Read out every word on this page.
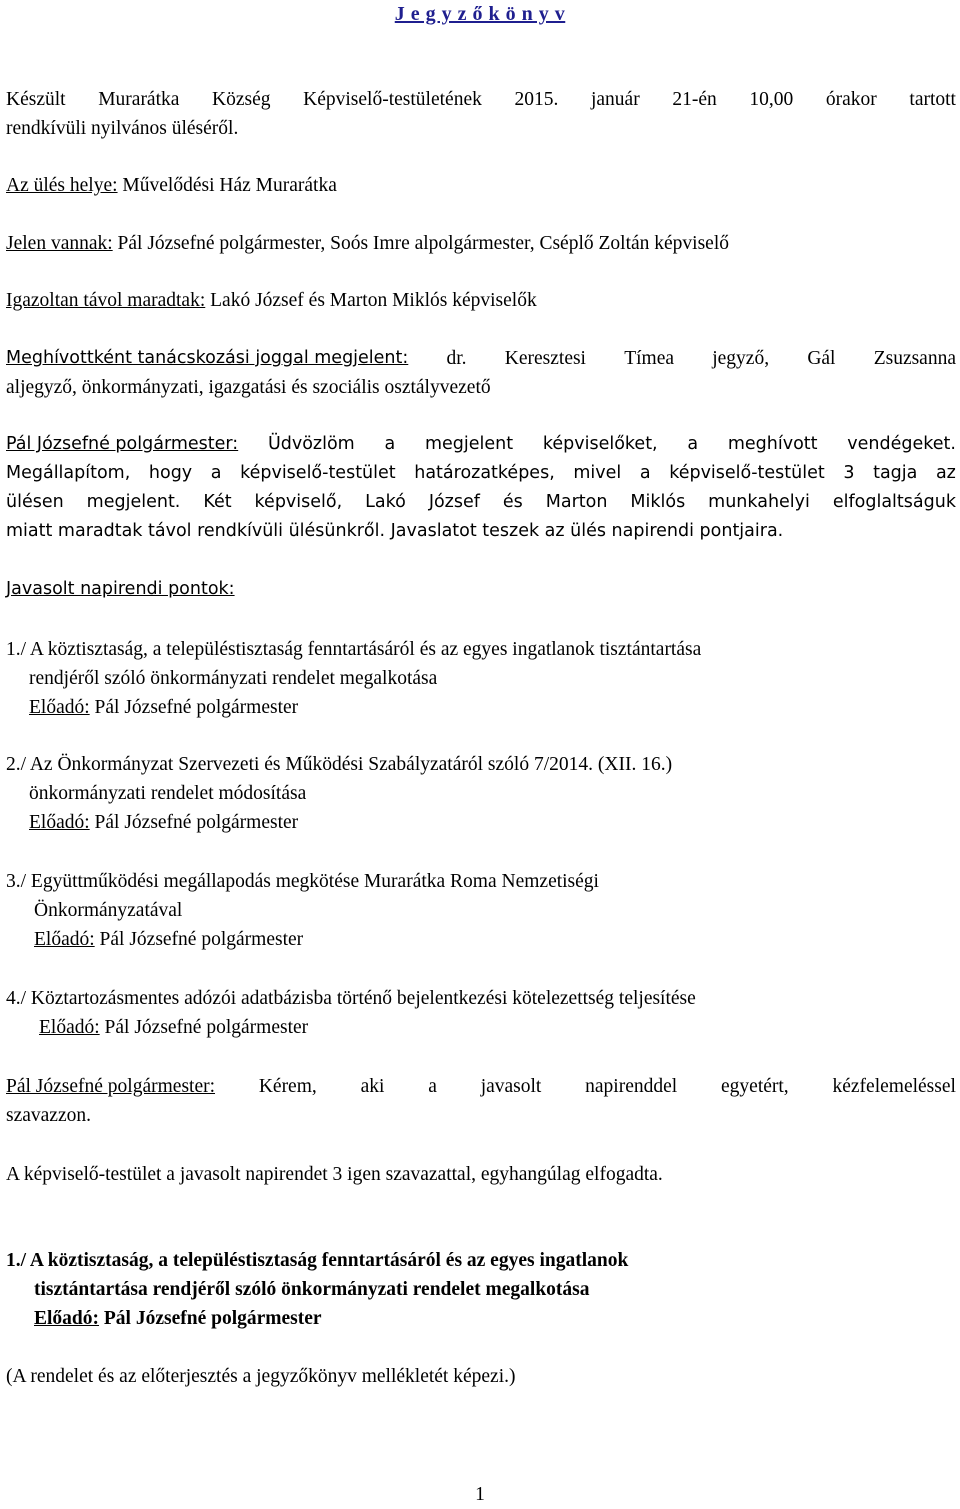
J e g y z ő k ö n y v
Készült Murarátka Község Képviselő-testületének 2015. január 21-én 10,00 órakor tartott
rendkívüli nyilvános üléséről.
Az ülés helye: Művelődési Ház Murarátka
Jelen vannak: Pál Józsefné polgármester, Soós Imre alpolgármester, Cséplő Zoltán képviselő
Igazoltan távol maradtak: Lakó József és Marton Miklós képviselők
Meghívottként tanácskozási joggal megjelent: dr. Keresztesi Tímea jegyző, Gál Zsuzsanna
aljegyző, önkormányzati, igazgatási és szociális osztályvezető
Pál Józsefné polgármester: Üdvözlöm a megjelent képviselőket, a meghívott vendégeket.
Megállapítom, hogy a képviselő-testület határozatképes, mivel a képviselő-testület 3 tagja az
ülésen megjelent. Két képviselő, Lakó József és Marton Miklós munkahelyi elfoglaltságuk
miatt maradtak távol rendkívüli ülésünkről. Javaslatot teszek az ülés napirendi pontjaira.
Javasolt napirendi pontok:
1./ A köztisztaság, a településtisztaság fenntartásáról és az egyes ingatlanok tisztántartása
rendjéről szóló önkormányzati rendelet megalkotása
Előadó: Pál Józsefné polgármester
2./ Az Önkormányzat Szervezeti és Működési Szabályzatáról szóló 7/2014. (XII. 16.)
önkormányzati rendelet módosítása
Előadó: Pál Józsefné polgármester
3./ Együttműködési megállapodás megkötése Murarátka Roma Nemzetiségi
Önkormányzatával
Előadó: Pál Józsefné polgármester
4./ Köztartozásmentes adózói adatbázisba történő bejelentkezési kötelezettség teljesítése
Előadó: Pál Józsefné polgármester
Pál Józsefné polgármester: Kérem, aki a javasolt napirenddel egyetért, kézfelemeléssel
szavazzon.
A képviselő-testület a javasolt napirendet 3 igen szavazattal, egyhangúlag elfogadta.
1./ A köztisztaság, a településtisztaság fenntartásáról és az egyes ingatlanok
tisztántartása rendjéről szóló önkormányzati rendelet megalkotása
Előadó: Pál Józsefné polgármester
(A rendelet és az előterjesztés a jegyzőkönyv mellékletét képezi.)
1
